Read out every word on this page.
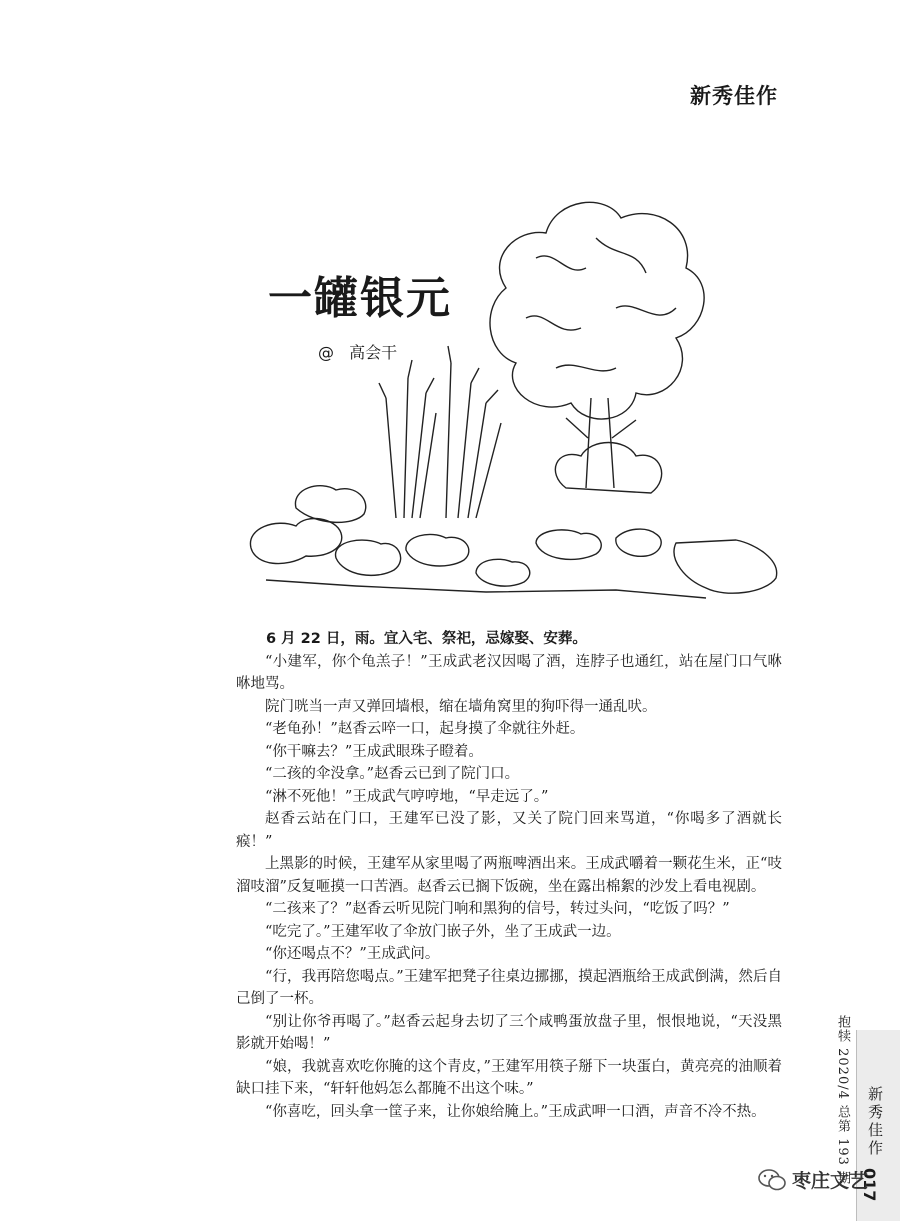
新秀佳作
一罐银元
@ 高会干

6 月 22 日，雨。宜入宅、祭祀，忌嫁娶、安葬。

“小建军，你个龟羔子！”王成武老汉因喝了酒，连脖子也通红，站在屋门口气咻咻地骂。

院门咣当一声又弹回墙根，缩在墙角窝里的狗吓得一通乱吠。

“老龟孙！”赵香云啐一口，起身摸了伞就往外赶。

“你干嘛去？”王成武眼珠子瞪着。

“二孩的伞没拿。”赵香云已到了院门口。

“淋不死他！”王成武气哼哼地，“早走远了。”

赵香云站在门口，王建军已没了影，又关了院门回来骂道，“你喝多了酒就长瘊！”

上黑影的时候，王建军从家里喝了两瓶啤酒出来。王成武嚼着一颗花生米，正“吱溜吱溜”反复咂摸一口苦酒。赵香云已搁下饭碗，坐在露出棉絮的沙发上看电视剧。

“二孩来了？”赵香云听见院门响和黑狗的信号，转过头问，“吃饭了吗？”

“吃完了。”王建军收了伞放门嵌子外，坐了王成武一边。

“你还喝点不？”王成武问。

“行，我再陪您喝点。”王建军把凳子往桌边挪挪，摸起酒瓶给王成武倒满，然后自己倒了一杯。

“别让你爷再喝了。”赵香云起身去切了三个咸鸭蛋放盘子里，恨恨地说，“天没黑影就开始喝！”

“娘，我就喜欢吃你腌的这个青皮，”王建军用筷子掰下一块蛋白，黄亮亮的油顺着缺口挂下来，“轩轩他妈怎么都腌不出这个味。”

“你喜吃，回头拿一筐子来，让你娘给腌上。”王成武呷一口酒，声音不冷不热。	抱犊 2020/4 总第 193 期 新秀佳作
017
枣庄文艺
